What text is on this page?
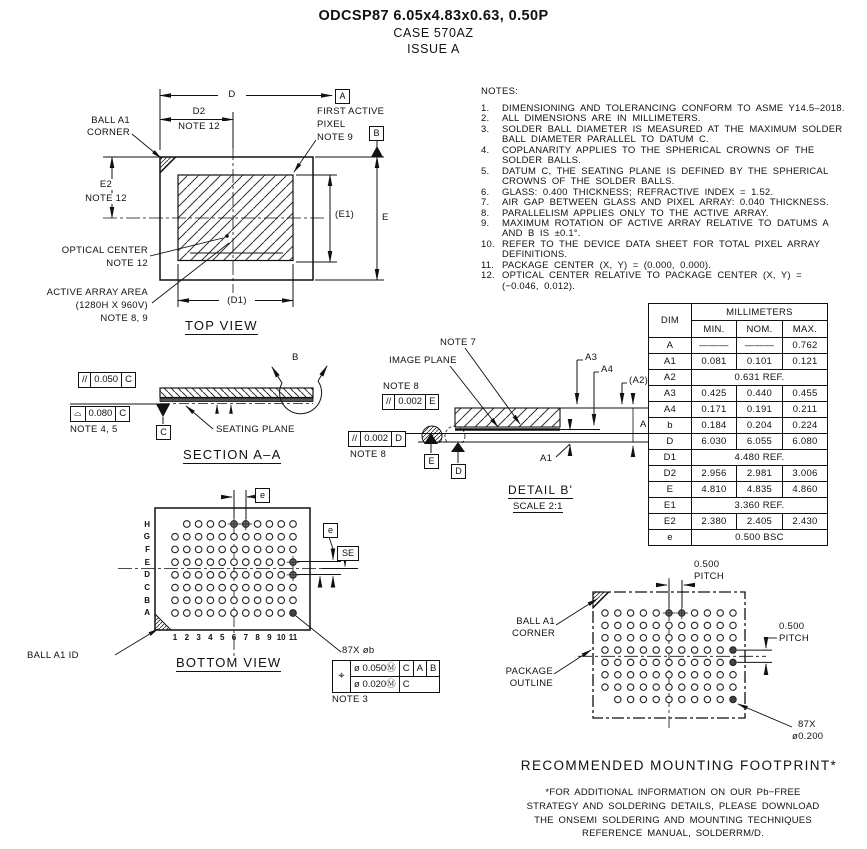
ODCSP87 6.05x4.83x0.63, 0.50P
CASE 570AZ
ISSUE A
NOTES:
1.	DIMENSIONING AND TOLERANCING CONFORM TO ASME Y14.5–2018.
2.	ALL DIMENSIONS ARE IN MILLIMETERS.
3.	SOLDER BALL DIAMETER IS MEASURED AT THE MAXIMUM SOLDER
BALL DIAMETER PARALLEL TO DATUM C.
4.	COPLANARITY APPLIES TO THE SPHERICAL CROWNS OF THE
SOLDER BALLS.
5.	DATUM C, THE SEATING PLANE IS DEFINED BY THE SPHERICAL
CROWNS OF THE SOLDER BALLS.
6.	GLASS: 0.400 THICKNESS; REFRACTIVE INDEX = 1.52.
7.	AIR GAP BETWEEN GLASS AND PIXEL ARRAY: 0.040 THICKNESS.
8.	PARALLELISM APPLIES ONLY TO THE ACTIVE ARRAY.
9.	MAXIMUM ROTATION OF ACTIVE ARRAY RELATIVE TO DATUMS A
AND B IS ±0.1°.
10. REFER TO THE DEVICE DATA SHEET FOR TOTAL PIXEL ARRAY
DEFINITIONS.
11. PACKAGE CENTER (X, Y) = (0.000, 0.000).
12. OPTICAL CENTER RELATIVE TO PACKAGE CENTER (X, Y) =
(−0.046, 0.012).
DIM	MILLIMETERS		
	MIN.	NOM.	MAX.
A	———	———	0.762
A1	0.081	0.101	0.121
A2	0.631 REF.		
A3	0.425	0.440	0.455
A4	0.171	0.191	0.211
b	0.184	0.204	0.224
D	6.030	6.055	6.080
D1	4.480 REF.		
D2	2.956	2.981	3.006
E	4.810	4.835	4.860
E1	3.360 REF.		
E2	2.380	2.405	2.430
e	0.500 BSC		
BALL A1
CORNER
D
D2
NOTE 12
FIRST ACTIVE
PIXEL
NOTE 9
A
B
E2
NOTE 12
(E1)	E
OPTICAL CENTER
NOTE 12
ACTIVE ARRAY AREA
(1280H X 960V)
NOTE 8, 9
(D1)
TOP VIEW
// 0.050 C
⌓ 0.080 C
NOTE 4, 5	C	SEATING PLANE
B
SECTION A–A
NOTE 7
IMAGE PLANE	A3
A4
(A2)
NOTE 8
// 0.002 E
// 0.002 D
NOTE 8
E
D
A1
A
DETAIL B'
SCALE 2:1
H
G
F
E
D
C
B
A
1 2 3 4 5 6 7 8 9 10 11
e
e
SE
BALL A1 ID	BOTTOM VIEW
87X øb
⌖
ø 0.050Ⓜ C A B
ø 0.020Ⓜ C
NOTE 3
0.500
PITCH
0.500
PITCH
BALL A1
CORNER
PACKAGE
OUTLINE
87X
ø0.200
RECOMMENDED MOUNTING FOOTPRINT*
*FOR ADDITIONAL INFORMATION ON OUR Pb−FREE
STRATEGY AND SOLDERING DETAILS, PLEASE DOWNLOAD
THE ONSEMI SOLDERING AND MOUNTING TECHNIQUES
REFERENCE MANUAL, SOLDERRM/D.
